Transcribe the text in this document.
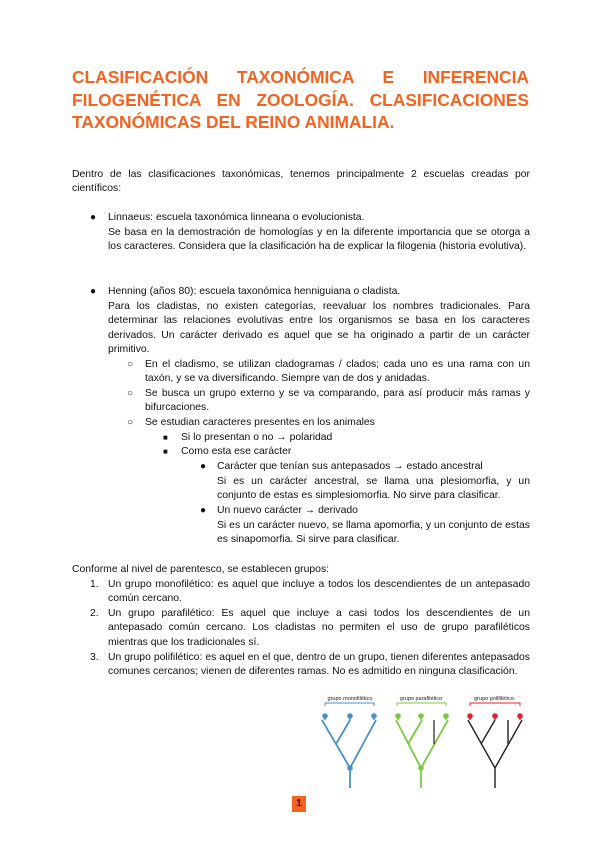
CLASIFICACIÓN TAXONÓMICA E INFERENCIA
FILOGENÉTICA EN ZOOLOGÍA. CLASIFICACIONES
TAXONÓMICAS DEL REINO ANIMALIA.

Dentro de las clasificaciones taxonómicas, tenemos principalmente 2 escuelas creadas por científicos:

● Linnaeus: escuela taxonómica linneana o evolucionista.

Se basa en la demostración de homologías y en la diferente importancia que se otorga a los caracteres. Considera que la clasificación ha de explicar la filogenia (historia evolutiva).

● Henning (años 80): escuela taxonómica henniguiana o cladista.

Para los cladistas, no existen categorías, reevaluar los nombres tradicionales. Para determinar las relaciones evolutivas entre los organismos se basa en los caracteres derivados. Un carácter derivado es aquel que se ha originado a partir de un carácter primitivo.

○ En el cladismo, se utilizan cladogramas / clados; cada uno es una rama con un taxón, y se va diversificando. Siempre van de dos y anidadas.

○ Se busca un grupo externo y se va comparando, para así producir más ramas y bifurcaciones.

○ Se estudian caracteres presentes en los animales

■ Si lo presentan o no → polaridad

■ Como esta ese carácter

● Carácter que tenían sus antepasados → estado ancestral

Si es un carácter ancestral, se llama una plesiomorfia, y un conjunto de estas es simplesiomorfia. No sirve para clasificar.

● Un nuevo carácter → derivado

Si es un carácter nuevo, se llama apomorfia, y un conjunto de estas es sinapomorfia. Si sirve para clasificar.

Conforme al nivel de parentesco, se establecen grupos:

1. Un grupo monofilético: es aquel que incluye a todos los descendientes de un antepasado común cercano.

2. Un grupo parafilético: Es aquel que incluye a casi todos los descendientes de un antepasado común cercano. Los cladistas no permiten el uso de grupo parafiléticos mientras que los tradicionales sí.

3. Un grupo polifilético: es aquel en el que, dentro de un grupo, tienen diferentes antepasados comunes cercanos; vienen de diferentes ramas. No es admitido en ninguna clasificación.

grupo monofilético	grupo parafilético	grupo polifilético
1
